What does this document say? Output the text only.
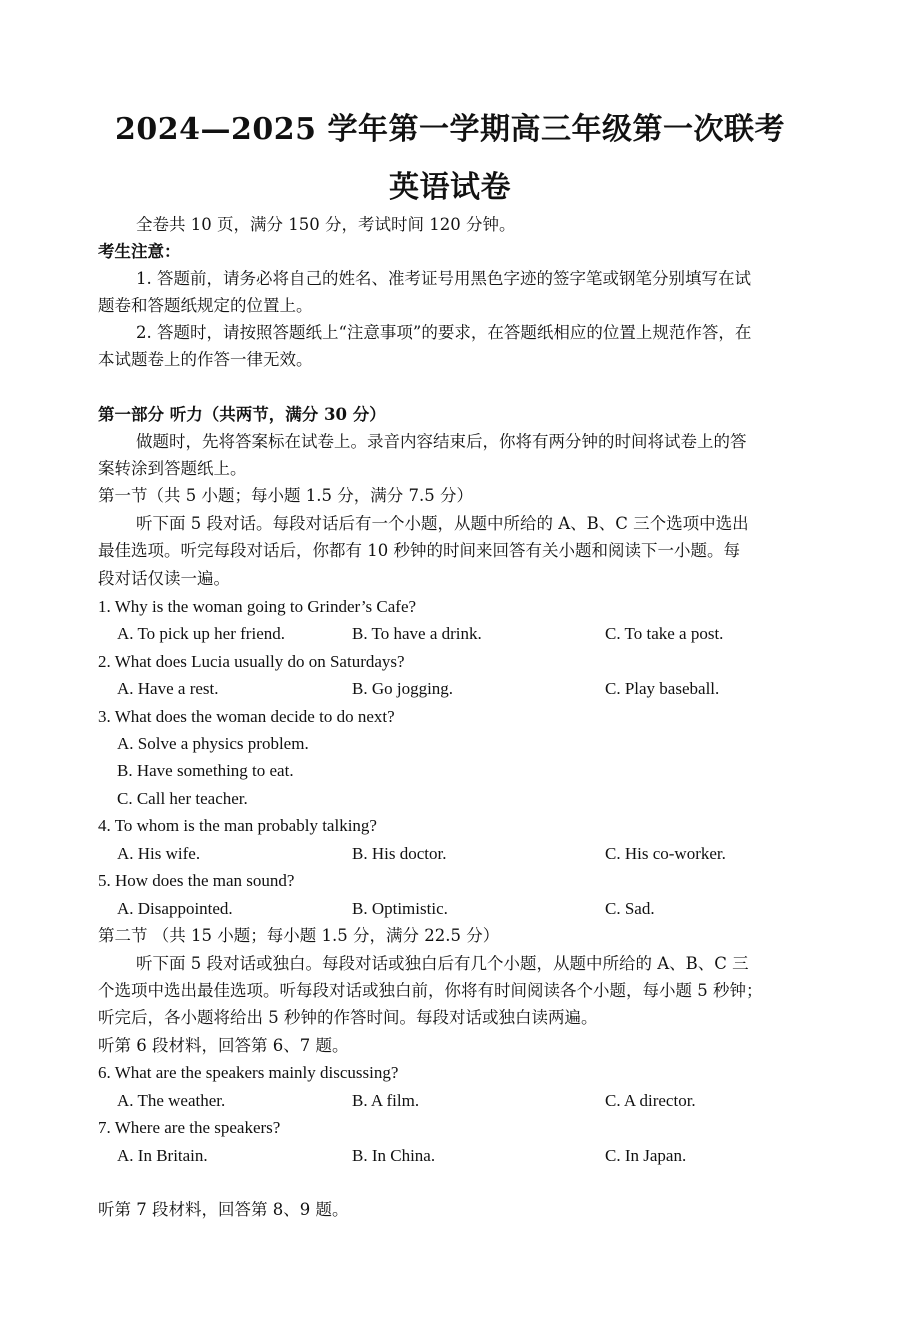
2024—2025 学年第一学期高三年级第一次联考
英语试卷
全卷共 10 页，满分 150 分，考试时间 120 分钟。
考生注意：
1. 答题前，请务必将自己的姓名、准考证号用黑色字迹的签字笔或钢笔分别填写在试
题卷和答题纸规定的位置上。
2. 答题时，请按照答题纸上“注意事项”的要求，在答题纸相应的位置上规范作答，在
本试题卷上的作答一律无效。
第一部分 听力（共两节，满分 30 分）
做题时，先将答案标在试卷上。录音内容结束后，你将有两分钟的时间将试卷上的答
案转涂到答题纸上。
第一节（共 5 小题；每小题 1.5 分，满分 7.5 分）
听下面 5 段对话。每段对话后有一个小题，从题中所给的 A、B、C 三个选项中选出
最佳选项。听完每段对话后，你都有 10 秒钟的时间来回答有关小题和阅读下一小题。每
段对话仅读一遍。
1. Why is the woman going to Grinder’s Cafe?
A. To pick up her friend.	B. To have a drink.	C. To take a post.
2. What does Lucia usually do on Saturdays?
A. Have a rest.	B. Go jogging.	C. Play baseball.
3. What does the woman decide to do next?
A. Solve a physics problem.
B. Have something to eat.
C. Call her teacher.
4. To whom is the man probably talking?
A. His wife.	B. His doctor.	C. His co-worker.
5. How does the man sound?
A. Disappointed.	B. Optimistic.	C. Sad.
第二节 （共 15 小题；每小题 1.5 分，满分 22.5 分）
听下面 5 段对话或独白。每段对话或独白后有几个小题，从题中所给的 A、B、C 三
个选项中选出最佳选项。听每段对话或独白前，你将有时间阅读各个小题，每小题 5 秒钟；
听完后，各小题将给出 5 秒钟的作答时间。每段对话或独白读两遍。
听第 6 段材料，回答第 6、7 题。
6. What are the speakers mainly discussing?
A. The weather.	B. A film.	C. A director.
7. Where are the speakers?
A. In Britain.	B. In China.	C. In Japan.
听第 7 段材料，回答第 8、9 题。
